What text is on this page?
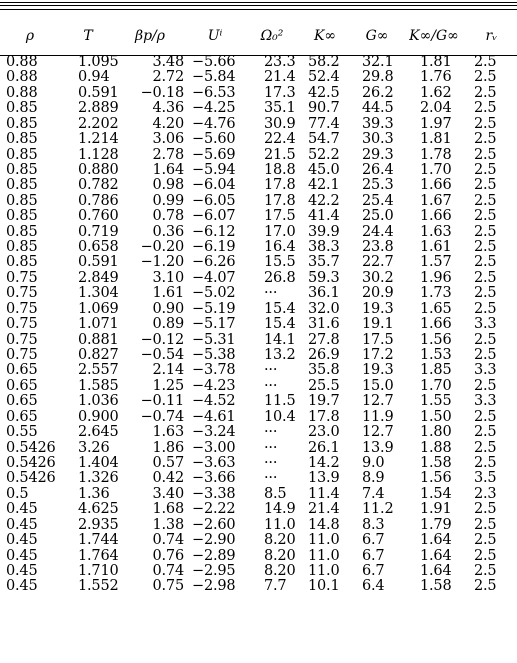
ρ	T	βp/ρ	Uⁱ	Ω₀²	K∞	G∞	K∞/G∞	rᵥ
0.88	1.095	3.48	−5.66	23.3	58.2	32.1	1.81	2.5
0.88	0.94	2.72	−5.84	21.4	52.4	29.8	1.76	2.5
0.88	0.591	−0.18	−6.53	17.3	42.5	26.2	1.62	2.5
0.85	2.889	4.36	−4.25	35.1	90.7	44.5	2.04	2.5
0.85	2.202	4.20	−4.76	30.9	77.4	39.3	1.97	2.5
0.85	1.214	3.06	−5.60	22.4	54.7	30.3	1.81	2.5
0.85	1.128	2.78	−5.69	21.5	52.2	29.3	1.78	2.5
0.85	0.880	1.64	−5.94	18.8	45.0	26.4	1.70	2.5
0.85	0.782	0.98	−6.04	17.8	42.1	25.3	1.66	2.5
0.85	0.786	0.99	−6.05	17.8	42.2	25.4	1.67	2.5
0.85	0.760	0.78	−6.07	17.5	41.4	25.0	1.66	2.5
0.85	0.719	0.36	−6.12	17.0	39.9	24.4	1.63	2.5
0.85	0.658	−0.20	−6.19	16.4	38.3	23.8	1.61	2.5
0.85	0.591	−1.20	−6.26	15.5	35.7	22.7	1.57	2.5
0.75	2.849	3.10	−4.07	26.8	59.3	30.2	1.96	2.5
0.75	1.304	1.61	−5.02	···	36.1	20.9	1.73	2.5
0.75	1.069	0.90	−5.19	15.4	32.0	19.3	1.65	2.5
0.75	1.071	0.89	−5.17	15.4	31.6	19.1	1.66	3.3
0.75	0.881	−0.12	−5.31	14.1	27.8	17.5	1.56	2.5
0.75	0.827	−0.54	−5.38	13.2	26.9	17.2	1.53	2.5
0.65	2.557	2.14	−3.78	···	35.8	19.3	1.85	3.3
0.65	1.585	1.25	−4.23	···	25.5	15.0	1.70	2.5
0.65	1.036	−0.11	−4.52	11.5	19.7	12.7	1.55	3.3
0.65	0.900	−0.74	−4.61	10.4	17.8	11.9	1.50	2.5
0.55	2.645	1.63	−3.24	···	23.0	12.7	1.80	2.5
0.5426	3.26	1.86	−3.00	···	26.1	13.9	1.88	2.5
0.5426	1.404	0.57	−3.63	···	14.2	9.0	1.58	2.5
0.5426	1.326	0.42	−3.66	···	13.9	8.9	1.56	3.5
0.5	1.36	3.40	−3.38	8.5	11.4	7.4	1.54	2.3
0.45	4.625	1.68	−2.22	14.9	21.4	11.2	1.91	2.5
0.45	2.935	1.38	−2.60	11.0	14.8	8.3	1.79	2.5
0.45	1.744	0.74	−2.90	8.20	11.0	6.7	1.64	2.5
0.45	1.764	0.76	−2.89	8.20	11.0	6.7	1.64	2.5
0.45	1.710	0.74	−2.95	8.20	11.0	6.7	1.64	2.5
0.45	1.552	0.75	−2.98	7.7	10.1	6.4	1.58	2.5
